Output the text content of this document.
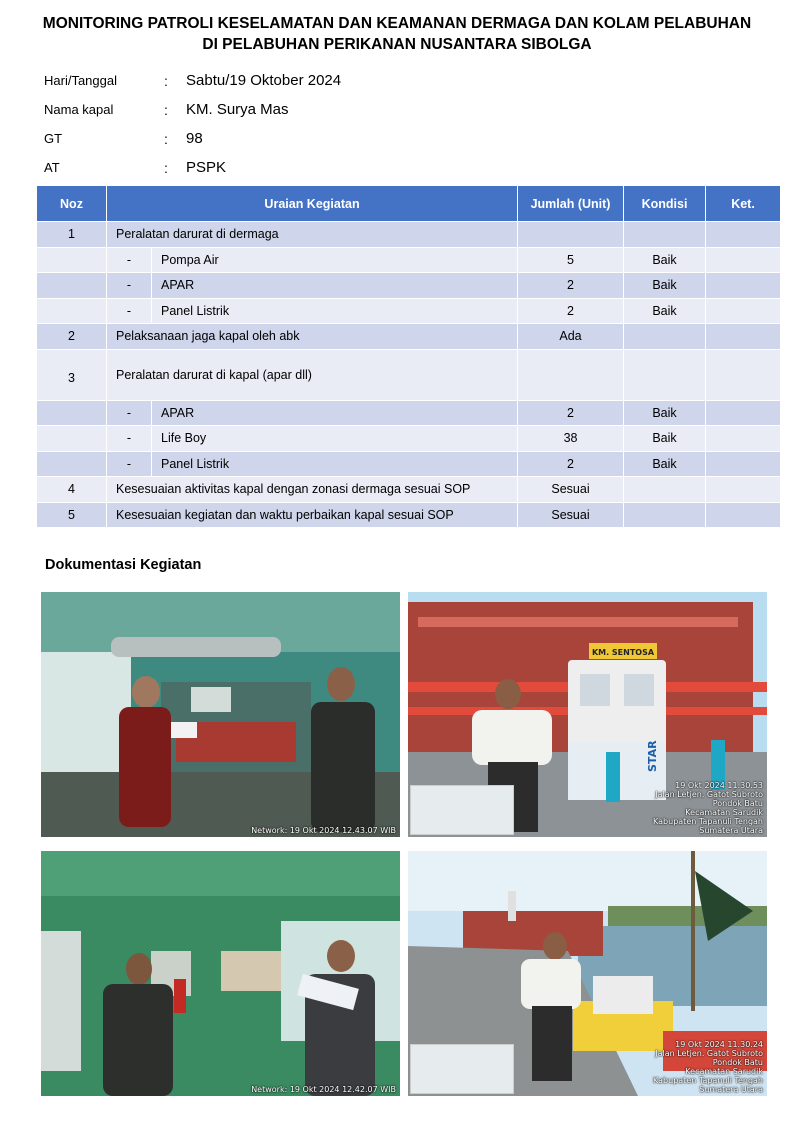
MONITORING PATROLI KESELAMATAN DAN KEAMANAN DERMAGA DAN KOLAM PELABUHAN
DI PELABUHAN PERIKANAN NUSANTARA SIBOLGA
Hari/Tanggal	:	Sabtu/19 Oktober 2024
Nama kapal	:	KM. Surya Mas
GT	:	98
AT	:	PSPK
Noz	Uraian Kegiatan		Jumlah (Unit)	Kondisi	Ket.
1	Peralatan darurat di dermaga				
	-	Pompa Air	5	Baik	
	-	APAR	2	Baik	
	-	Panel Listrik	2	Baik	
2	Pelaksanaan jaga kapal oleh abk		Ada		
3	Peralatan darurat di kapal (apar dll)				
	-	APAR	2	Baik	
	-	Life Boy	38	Baik	
	-	Panel Listrik	2	Baik	
4	Kesesuaian aktivitas kapal dengan zonasi dermaga sesuai SOP		Sesuai		
5	Kesesuaian kegiatan dan waktu perbaikan kapal sesuai SOP		Sesuai		
Dokumentasi Kegiatan
Network: 19 Okt 2024 12.43.07 WIB
KM. SENTOSA
STAR
19 Okt 2024 11.30.53
Jalan Letjen. Gatot Subroto
Pondok Batu
Kecamatan Sarudik
Kabupaten Tapanuli Tengah
Sumatera Utara
Network: 19 Okt 2024 12.42.07 WIB
19 Okt 2024 11.30.24
Jalan Letjen. Gatot Subroto
Pondok Batu
Kecamatan Sarudik
Kabupaten Tapanuli Tengah
Sumatera Utara
